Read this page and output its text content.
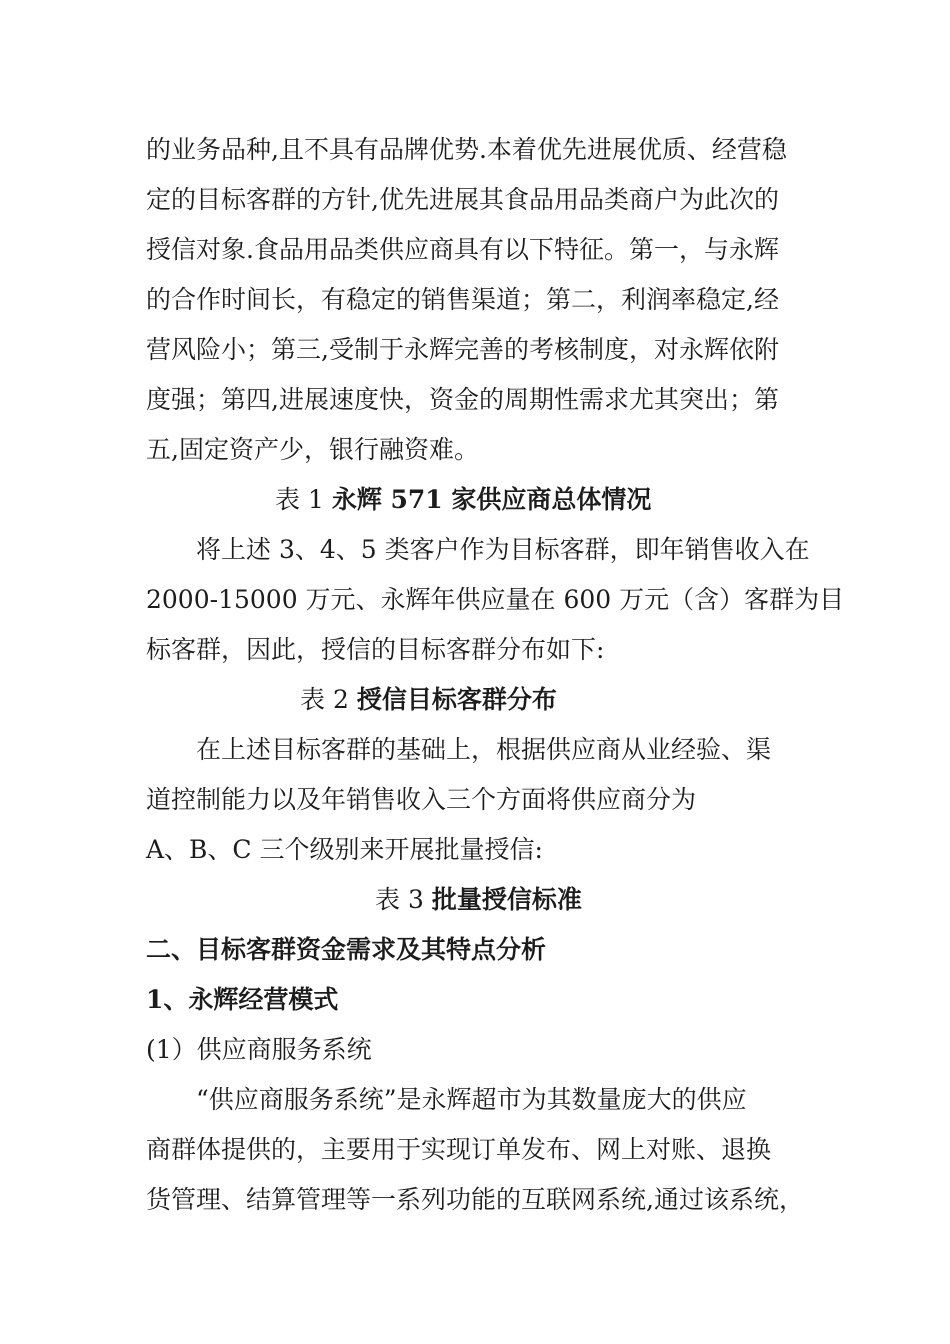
的业务品种,且不具有品牌优势.本着优先进展优质、经营稳
定的目标客群的方针,优先进展其食品用品类商户为此次的
授信对象.食品用品类供应商具有以下特征。第一，与永辉
的合作时间长，有稳定的销售渠道；第二，利润率稳定,经
营风险小；第三,受制于永辉完善的考核制度，对永辉依附
度强；第四,进展速度快，资金的周期性需求尤其突出；第
五,固定资产少，银行融资难。
表 1 永辉 571 家供应商总体情况
将上述 3、4、5 类客户作为目标客群，即年销售收入在
2000-15000 万元、永辉年供应量在 600 万元（含）客群为目
标客群，因此，授信的目标客群分布如下:
表 2 授信目标客群分布
在上述目标客群的基础上，根据供应商从业经验、渠
道控制能力以及年销售收入三个方面将供应商分为
A、B、C 三个级别来开展批量授信:
表 3 批量授信标准
二、目标客群资金需求及其特点分析
1、永辉经营模式
(1）供应商服务系统
“供应商服务系统”是永辉超市为其数量庞大的供应
商群体提供的，主要用于实现订单发布、网上对账、退换
货管理、结算管理等一系列功能的互联网系统,通过该系统，
